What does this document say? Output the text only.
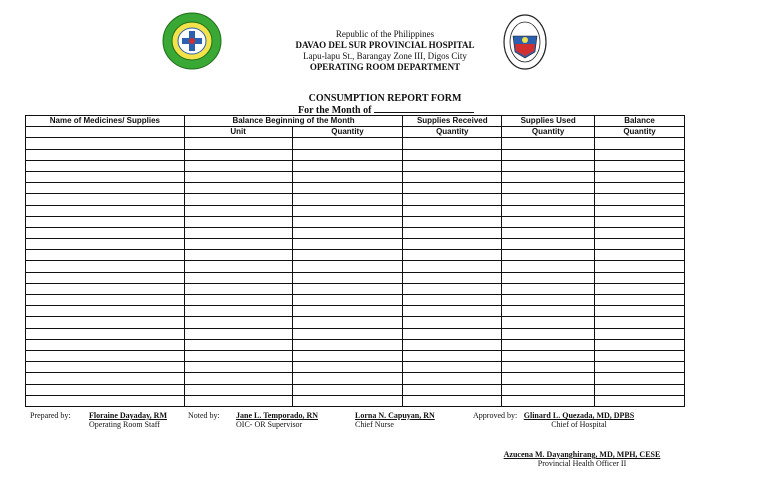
Republic of the Philippines
DAVAO DEL SUR PROVINCIAL HOSPITAL
Lapu-lapu St., Barangay Zone III, Digos City
OPERATING ROOM DEPARTMENT
CONSUMPTION REPORT FORM
For the Month of
Name of Medicines/ Supplies	Balance Beginning of the Month		Supplies Received	Supplies Used	Balance
	Unit	Quantity	Quantity	Quantity	Quantity

Prepared by: Floraine Dayaday, RM
Operating Room Staff
Noted by: Jane L. Temporado, RN
OIC- OR Supervisor
Lorna N. Capuyan, RN
Chief Nurse
Approved by: Glinard L. Quezada, MD, DPBS
Chief of Hospital
Azucena M. Dayanghirang, MD, MPH, CESE
Provincial Health Officer II
